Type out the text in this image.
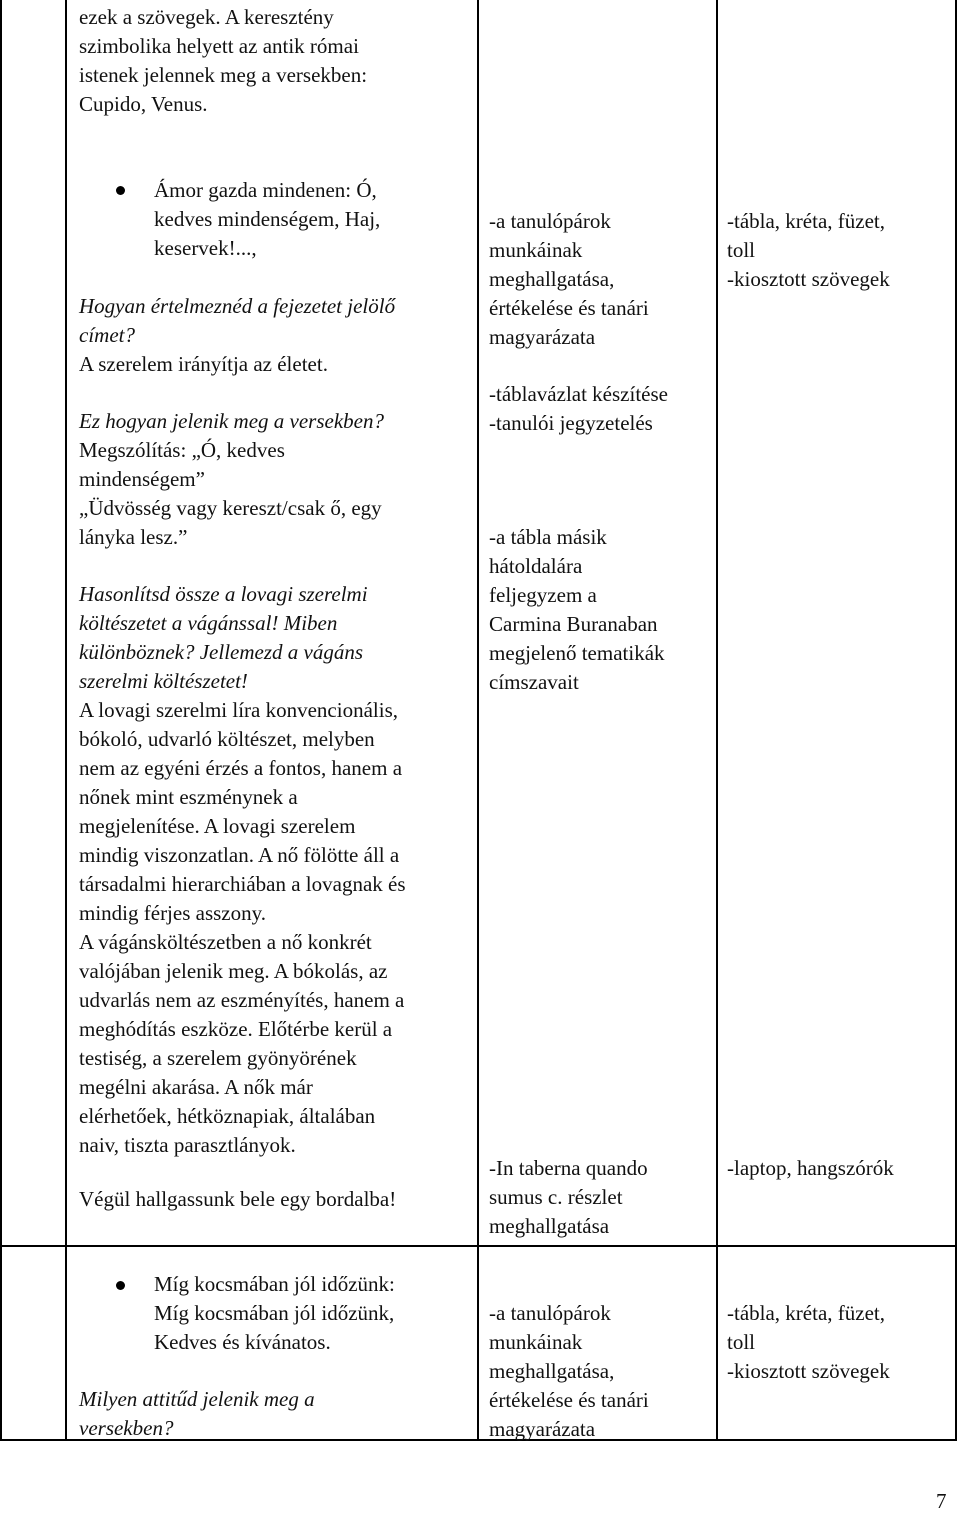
ezek a szövegek. A keresztény
szimbolika helyett az antik római
istenek jelennek meg a versekben:
Cupido, Venus.
Ámor gazda mindenen: Ó,
kedves mindenségem, Haj,
keservek!...,
Hogyan értelmeznéd a fejezetet jelölő
címet?
A szerelem irányítja az életet.
Ez hogyan jelenik meg a versekben?
Megszólítás: „Ó, kedves
mindenségem”
„Üdvösség vagy kereszt/csak ő, egy
lányka lesz.”
Hasonlítsd össze a lovagi szerelmi
költészetet a vágánssal! Miben
különböznek? Jellemezd a vágáns
szerelmi költészetet!
A lovagi szerelmi líra konvencionális,
bókoló, udvarló költészet, melyben
nem az egyéni érzés a fontos, hanem a
nőnek mint eszménynek a
megjelenítése. A lovagi szerelem
mindig viszonzatlan. A nő fölötte áll a
társadalmi hierarchiában a lovagnak és
mindig férjes asszony.
A vágánsköltészetben a nő konkrét
valójában jelenik meg. A bókolás, az
udvarlás nem az eszményítés, hanem a
meghódítás eszköze. Előtérbe kerül a
testiség, a szerelem gyönyörének
megélni akarása. A nők már
elérhetőek, hétköznapiak, általában
naiv, tiszta parasztlányok.
Végül hallgassunk bele egy bordalba!
-a tanulópárok
munkáinak
meghallgatása,
értékelése és tanári
magyarázata
-táblavázlat készítése
-tanulói jegyzetelés
-a tábla másik
hátoldalára
feljegyzem a
Carmina Buranaban
megjelenő tematikák
címszavait
-In taberna quando
sumus c. részlet
meghallgatása
-tábla, kréta, füzet,
toll
-kiosztott szövegek
-laptop, hangszórók
Míg kocsmában jól időzünk:
Míg kocsmában jól időzünk,
Kedves és kívánatos.
Milyen attitűd jelenik meg a
versekben?
-a tanulópárok
munkáinak
meghallgatása,
értékelése és tanári
magyarázata
-tábla, kréta, füzet,
toll
-kiosztott szövegek
7
